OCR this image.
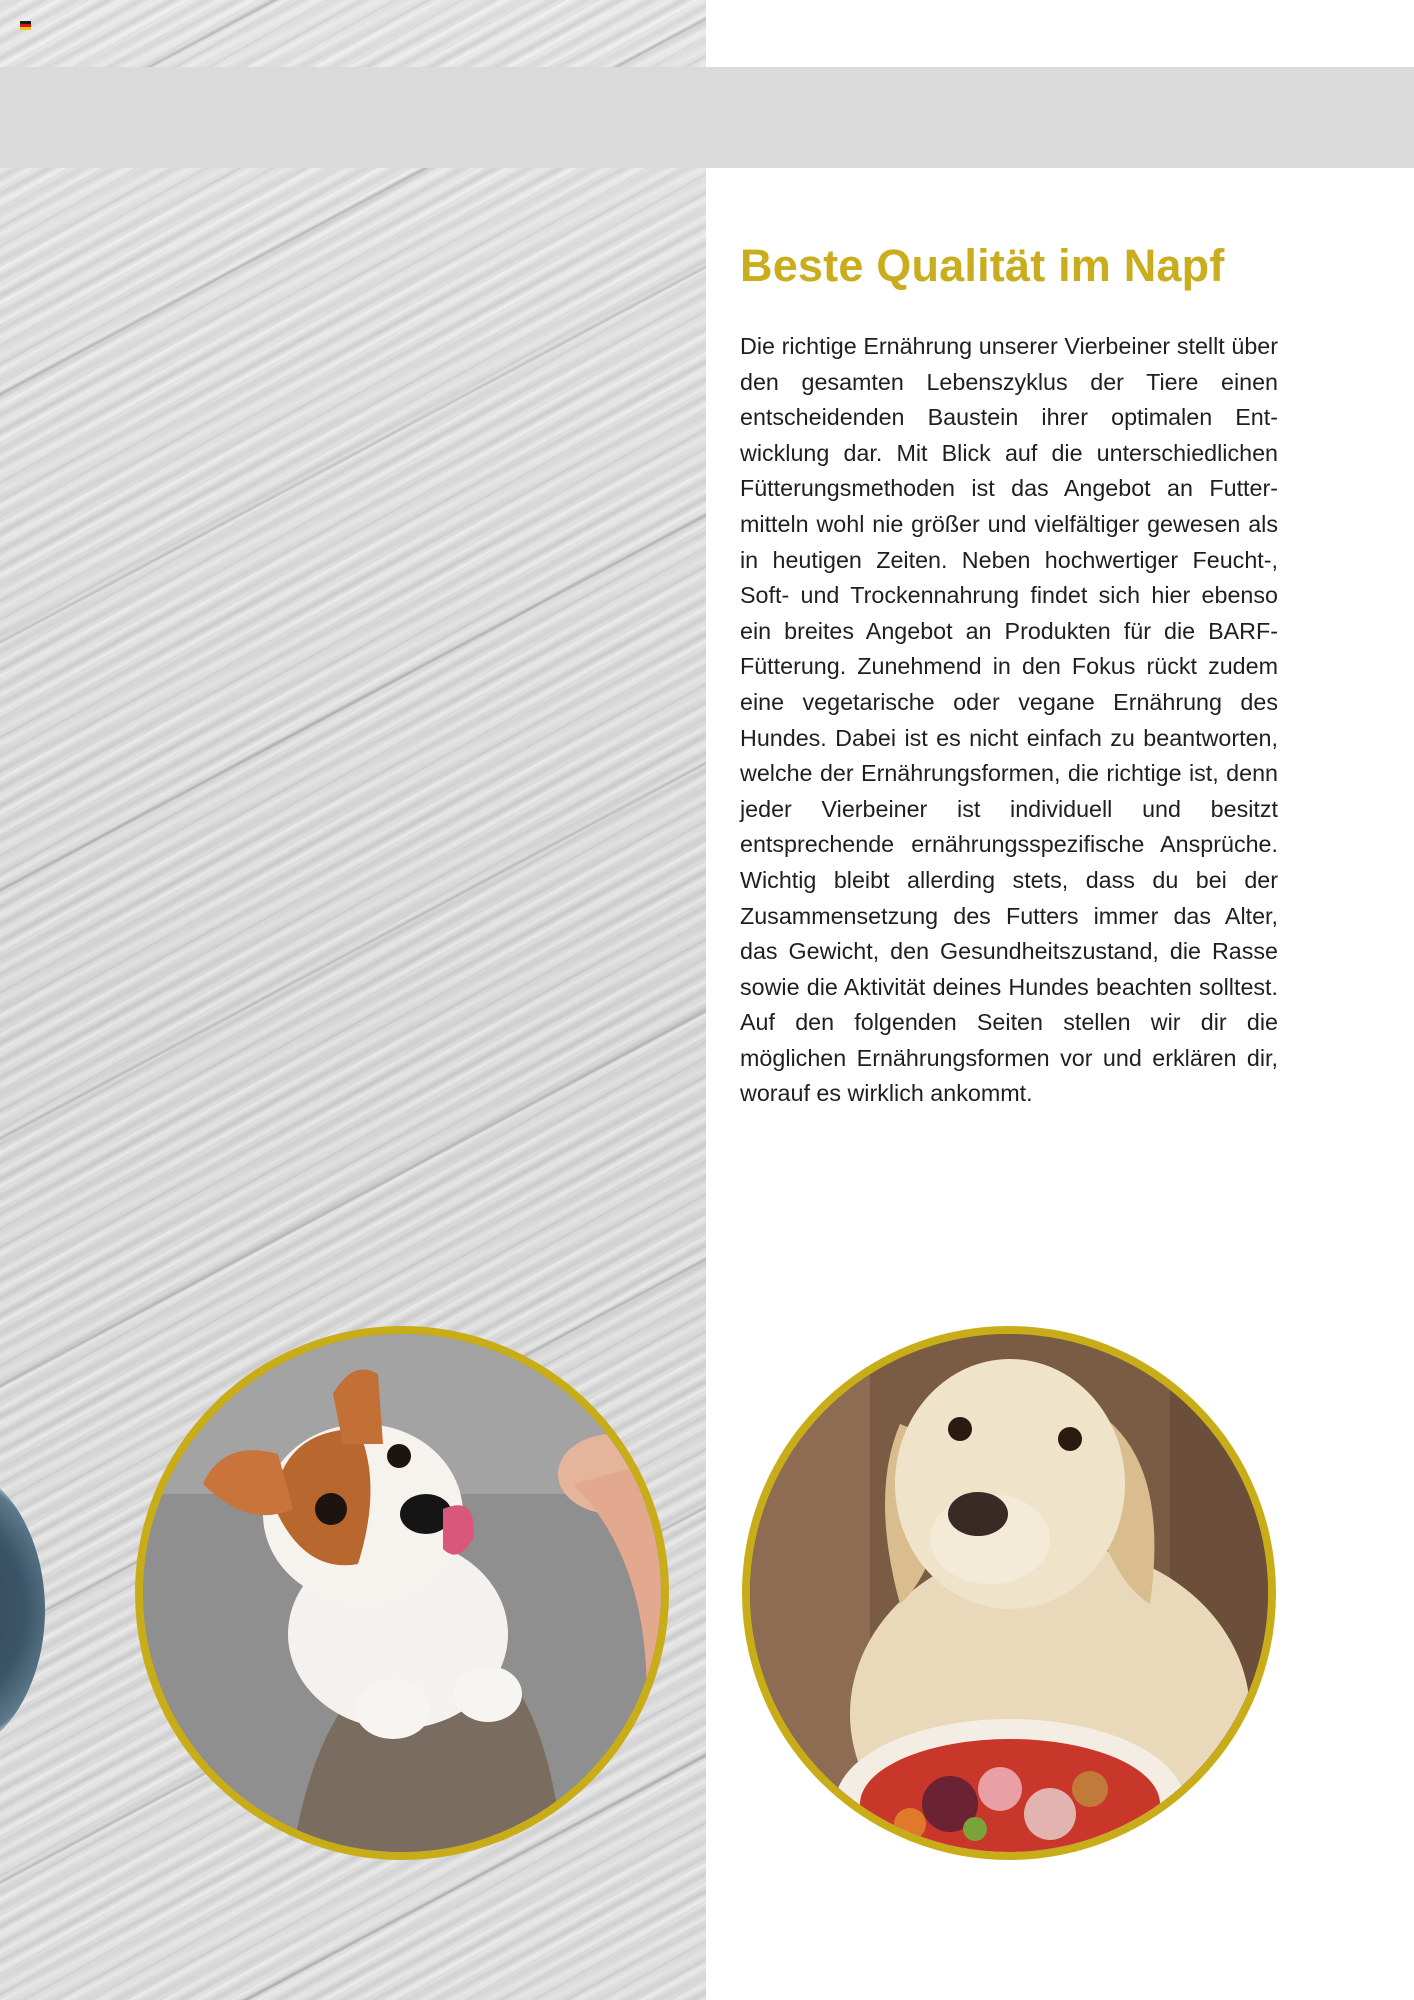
Beste Qualität im Napf

Die richtige Ernährung unserer Vierbeiner stellt über den gesamten Lebenszyklus der Tiere einen entscheidenden Baustein ihrer optimalen Entwicklung dar. Mit Blick auf die unterschiedlichen Fütterungsmethoden ist das Angebot an Futtermitteln wohl nie größer und vielfältiger gewesen als in heutigen Zeiten. Neben hochwertiger Feucht-, Soft- und Trockennahrung findet sich hier ebenso ein breites Angebot an Produkten für die BARF-Fütterung. Zunehmend in den Fokus rückt zudem eine vegetarische oder vegane Ernährung des Hundes. Dabei ist es nicht einfach zu beantworten, welche der Ernährungsformen, die richtige ist, denn jeder Vierbeiner ist individuell und besitzt entsprechende ernährungsspezifische Ansprüche. Wichtig bleibt allerding stets, dass du bei der Zusammensetzung des Futters immer das Alter, das Gewicht, den Gesundheitszustand, die Rasse sowie die Aktivität deines Hundes beachten solltest. Auf den folgenden Seiten stellen wir dir die möglichen Ernährungsformen vor und erklären dir, worauf es wirklich ankommt.
